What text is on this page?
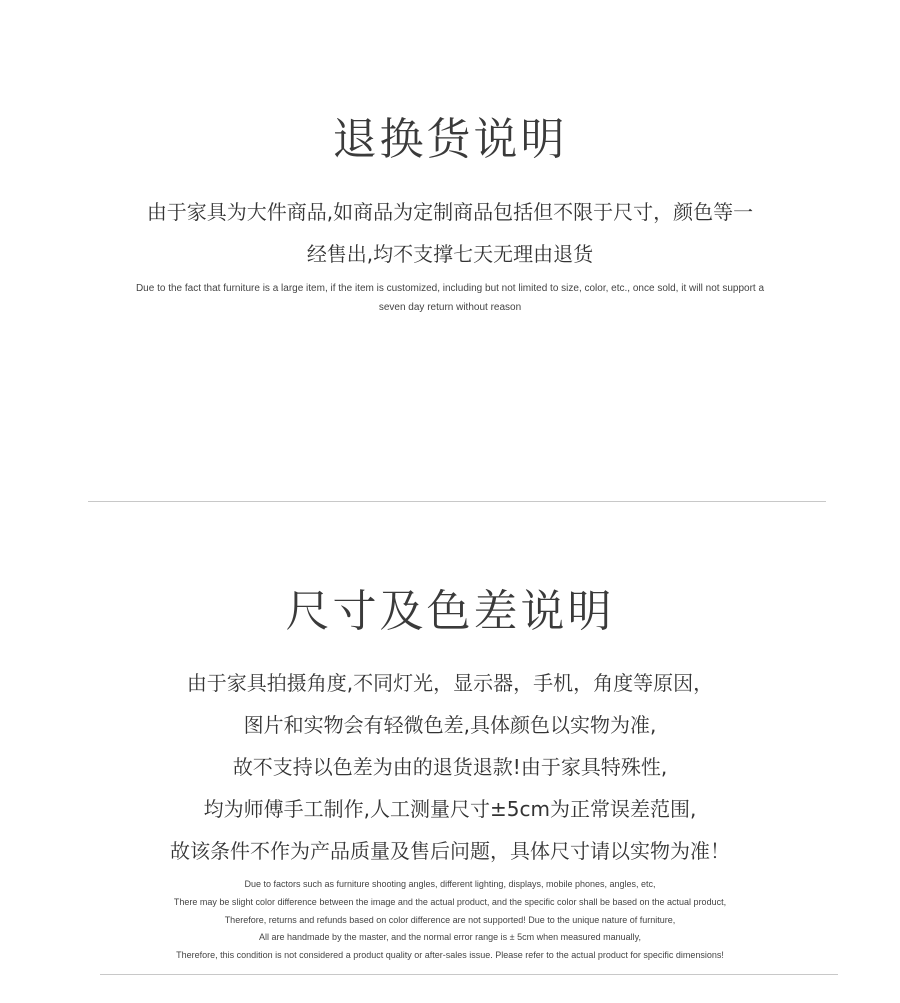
退换货说明
由于家具为大件商品,如商品为定制商品包括但不限于尺寸，颜色等一
经售出,均不支撑七天无理由退货
Due to the fact that furniture is a large item, if the item is customized, including but not limited to size, color, etc., once sold, it will not support a
seven day return without reason
尺寸及色差说明
由于家具拍摄角度,不同灯光，显示器，手机，角度等原因，
图片和实物会有轻微色差,具体颜色以实物为准,
故不支持以色差为由的退货退款!由于家具特殊性,
均为师傅手工制作,人工测量尺寸±5cm为正常误差范围,
故该条件不作为产品质量及售后问题，具体尺寸请以实物为准！
Due to factors such as furniture shooting angles, different lighting, displays, mobile phones, angles, etc,
There may be slight color difference between the image and the actual product, and the specific color shall be based on the actual product,
Therefore, returns and refunds based on color difference are not supported! Due to the unique nature of furniture,
All are handmade by the master, and the normal error range is ± 5cm when measured manually,
Therefore, this condition is not considered a product quality or after-sales issue. Please refer to the actual product for specific dimensions!
